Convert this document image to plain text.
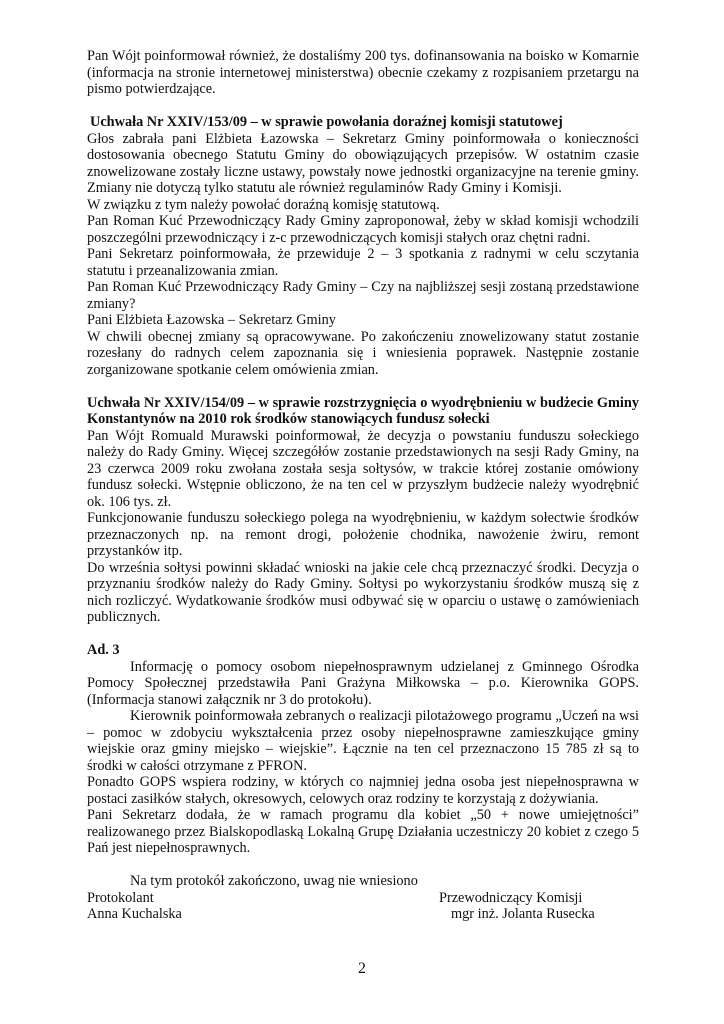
Pan Wójt poinformował również, że dostaliśmy 200 tys. dofinansowania na boisko w Komarnie (informacja na stronie internetowej ministerstwa) obecnie czekamy z rozpisaniem przetargu na pismo potwierdzające.

Uchwała Nr XXIV/153/09 – w sprawie powołania doraźnej komisji statutowej

Głos zabrała pani Elżbieta Łazowska – Sekretarz Gminy poinformowała o konieczności dostosowania obecnego Statutu Gminy do obowiązujących przepisów. W ostatnim czasie znowelizowane zostały liczne ustawy, powstały nowe jednostki organizacyjne na terenie gminy. Zmiany nie dotyczą tylko statutu ale również regulaminów Rady Gminy i Komisji.

W związku z tym należy powołać doraźną komisję statutową.

Pan Roman Kuć Przewodniczący Rady Gminy zaproponował, żeby w skład komisji wchodzili poszczególni przewodniczący i z-c przewodniczących komisji stałych oraz chętni radni.

Pani Sekretarz poinformowała, że przewiduje 2 – 3 spotkania z radnymi w celu sczytania statutu i przeanalizowania zmian.

Pan Roman Kuć Przewodniczący Rady Gminy – Czy na najbliższej sesji zostaną przedstawione zmiany?

Pani Elżbieta Łazowska – Sekretarz Gminy

W chwili obecnej zmiany są opracowywane. Po zakończeniu znowelizowany statut zostanie rozesłany do radnych celem zapoznania się i wniesienia poprawek. Następnie zostanie zorganizowane spotkanie celem omówienia zmian.

Uchwała Nr XXIV/154/09 – w sprawie rozstrzygnięcia o wyodrębnieniu w budżecie Gminy Konstantynów na 2010 rok środków stanowiących fundusz sołecki

Pan Wójt Romuald Murawski poinformował, że decyzja o powstaniu funduszu sołeckiego należy do Rady Gminy. Więcej szczegółów zostanie przedstawionych na sesji Rady Gminy, na 23 czerwca 2009 roku zwołana została sesja sołtysów, w trakcie której zostanie omówiony fundusz sołecki. Wstępnie obliczono, że na ten cel w przyszłym budżecie należy wyodrębnić ok. 106 tys. zł.

Funkcjonowanie funduszu sołeckiego polega na wyodrębnieniu, w każdym sołectwie środków przeznaczonych np. na remont drogi, położenie chodnika, nawożenie żwiru, remont przystanków itp.

Do września sołtysi powinni składać wnioski na jakie cele chcą przeznaczyć środki. Decyzja o przyznaniu środków należy do Rady Gminy. Sołtysi po wykorzystaniu środków muszą się z nich rozliczyć. Wydatkowanie środków musi odbywać się w oparciu o ustawę o zamówieniach publicznych.

Ad. 3

Informację o pomocy osobom niepełnosprawnym udzielanej z Gminnego Ośrodka Pomocy Społecznej przedstawiła Pani Grażyna Miłkowska – p.o. Kierownika GOPS. (Informacja stanowi załącznik nr 3 do protokołu).

Kierownik poinformowała zebranych o realizacji pilotażowego programu „Uczeń na wsi – pomoc w zdobyciu wykształcenia przez osoby niepełnosprawne zamieszkujące gminy wiejskie oraz gminy miejsko – wiejskie”. Łącznie na ten cel przeznaczono 15 785 zł są to środki w całości otrzymane z PFRON.

Ponadto GOPS wspiera rodziny, w których co najmniej jedna osoba jest niepełnosprawna w postaci zasiłków stałych, okresowych, celowych oraz rodziny te korzystają z dożywiania.

Pani Sekretarz dodała, że w ramach programu dla kobiet „50 + nowe umiejętności” realizowanego przez Bialskopodlaską Lokalną Grupę Działania uczestniczy 20 kobiet z czego 5 Pań jest niepełnosprawnych.

Na tym protokół zakończono, uwag nie wniesiono

Protokolant	Przewodniczący Komisji
Anna Kuchalska	mgr inż. Jolanta Rusecka
2
